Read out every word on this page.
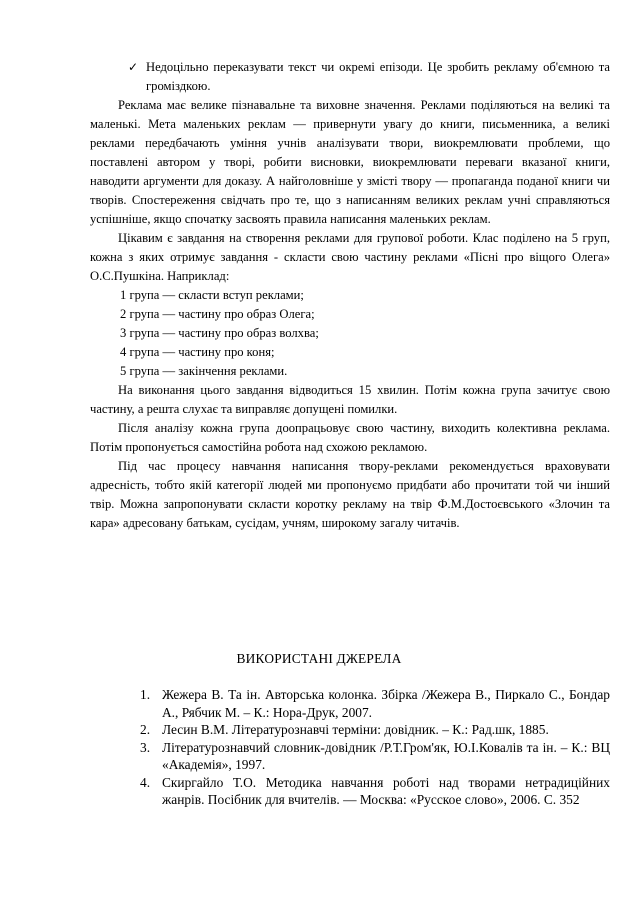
✓ Недоцільно переказувати текст чи окремі епізоди. Це зробить рекламу об'ємною та громіздкою.

Реклама має велике пізнавальне та виховне значення. Реклами поділяються на великі та маленькі. Мета маленьких реклам — привернути увагу до книги, письменника, а великі реклами передбачають уміння учнів аналізувати твори, виокремлювати проблеми, що поставлені автором у творі, робити висновки, виокремлювати переваги вказаної книги, наводити аргументи для доказу. А найголовніше у змісті твору — пропаганда поданої книги чи творів. Спостереження свідчать про те, що з написанням великих реклам учні справляються успішніше, якщо спочатку засвоять правила написання маленьких реклам.

Цікавим є завдання на створення реклами для групової роботи. Клас поділено на 5 груп, кожна з яких отримує завдання - скласти свою частину реклами «Пісні про віщого Олега» О.С.Пушкіна. Наприклад:

1 група — скласти вступ реклами;

2 група — частину про образ Олега;

3 група — частину про образ волхва;

4 група — частину про коня;

5 група — закінчення реклами.

На виконання цього завдання відводиться 15 хвилин. Потім кожна група зачитує свою частину, а решта слухає та виправляє допущені помилки.

Після аналізу кожна група доопрацьовує свою частину, виходить колективна реклама. Потім пропонується самостійна робота над схожою рекламою.

Під час процесу навчання написання твору-реклами рекомендується враховувати адресність, тобто якій категорії людей ми пропонуємо придбати або прочитати той чи інший твір. Можна запропонувати скласти коротку рекламу на твір Ф.М.Достоєвського «Злочин та кара» адресовану батькам, сусідам, учням, широкому загалу читачів.

ВИКОРИСТАНІ ДЖЕРЕЛА
1. Жежера В. Та ін. Авторська колонка. Збірка /Жежера В., Пиркало С., Бондар А., Рябчик М. – К.: Нора-Друк, 2007.
2. Лесин В.М. Літературознавчі терміни: довідник. – К.: Рад.шк, 1885.
3. Літературознавчий словник-довідник /Р.Т.Гром'як, Ю.І.Ковалів та ін. – К.: ВЦ «Академія», 1997.
4. Скиргайло Т.О. Методика навчання роботі над творами нетрадиційних жанрів. Посібник для вчителів. ― Москва: «Русское слово», 2006. С. 352
